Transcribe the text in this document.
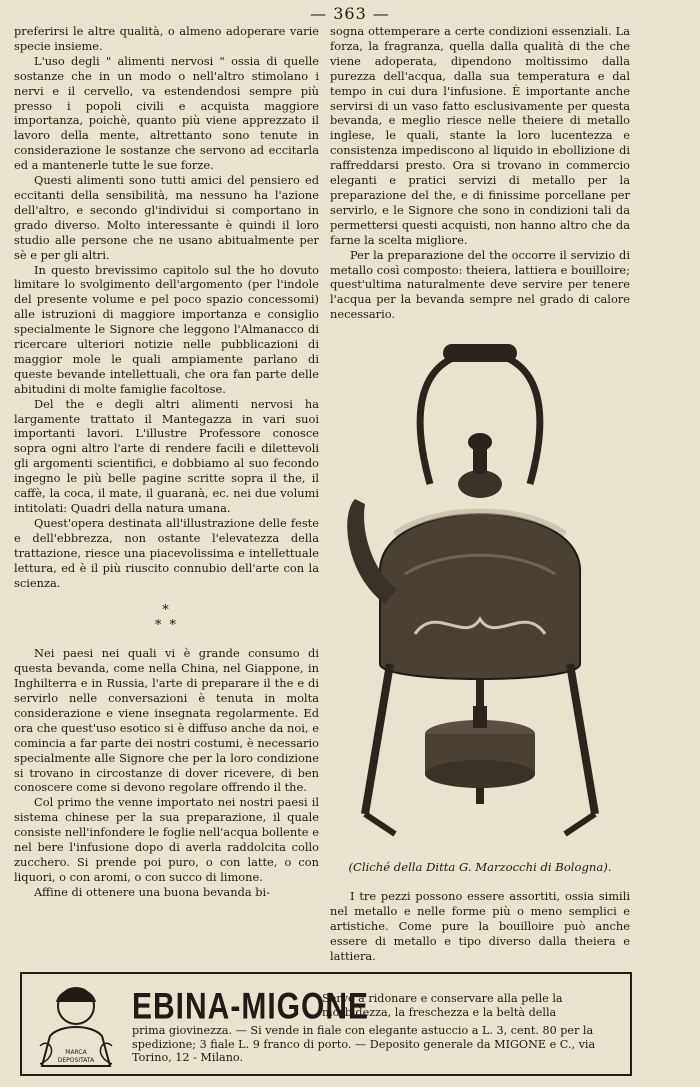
— 363 —

preferirsi le altre qualità, o almeno adoperare varie specie insieme.

L'uso degli " alimenti nervosi " ossia di quelle sostanze che in un modo o nell'altro stimolano i nervi e il cervello, va estendendosi sempre più presso i popoli civili e acquista maggiore importanza, poichè, quanto più viene apprezzato il lavoro della mente, altrettanto sono tenute in considerazione le sostanze che servono ad eccitarla ed a mantenerle tutte le sue forze.

Questi alimenti sono tutti amici del pensiero ed eccitanti della sensibilità, ma nessuno ha l'azione dell'altro, e secondo gl'individui si comportano in grado diverso. Molto interessante è quindi il loro studio alle persone che ne usano abitualmente per sè e per gli altri.

In questo brevissimo capitolo sul the ho dovuto limitare lo svolgimento dell'argomento (per l'indole del presente volume e pel poco spazio concessomi) alle istruzioni di maggiore importanza e consiglio specialmente le Signore che leggono l'Almanacco di ricercare ulteriori notizie nelle pubblicazioni di maggior mole le quali ampiamente parlano di queste bevande intellettuali, che ora fan parte delle abitudini di molte famiglie facoltose.

Del the e degli altri alimenti nervosi ha largamente trattato il Mantegazza in vari suoi importanti lavori. L'illustre Professore conosce sopra ogni altro l'arte di rendere facili e dilettevoli gli argomenti scientifici, e dobbiamo al suo fecondo ingegno le più belle pagine scritte sopra il the, il caffè, la coca, il mate, il guaranà, ec. nei due volumi intitolati: Quadri della natura umana.

Quest'opera destinata all'illustrazione delle feste e dell'ebbrezza, non ostante l'elevatezza della trattazione, riesce una piacevolissima e intellettuale lettura, ed è il più riuscito connubio dell'arte con la scienza.

*
* *

Nei paesi nei quali vi è grande consumo di questa bevanda, come nella China, nel Giappone, in Inghilterra e in Russia, l'arte di preparare il the e di servirlo nelle conversazioni è tenuta in molta considerazione e viene insegnata regolarmente. Ed ora che quest'uso esotico si è diffuso anche da noi, e comincia a far parte dei nostri costumi, è necessario specialmente alle Signore che per la loro condizione si trovano in circostanze di dover ricevere, di ben conoscere come si devono regolare offrendo il the.

Col primo the venne importato nei nostri paesi il sistema chinese per la sua preparazione, il quale consiste nell'infondere le foglie nell'acqua bollente e nel bere l'infusione dopo di averla raddolcita collo zucchero. Si prende poi puro, o con latte, o con liquori, o con aromi, o con succo di limone.

Affine di ottenere una buona bevanda bi-

sogna ottemperare a certe condizioni essenziali. La forza, la fragranza, quella dalla qualità di the che viene adoperata, dipendono moltissimo dalla purezza dell'acqua, dalla sua temperatura e dal tempo in cui dura l'infusione. È importante anche servirsi di un vaso fatto esclusivamente per questa bevanda, e meglio riesce nelle theiere di metallo inglese, le quali, stante la loro lucentezza e consistenza impediscono al liquido in ebollizione di raffreddarsi presto. Ora si trovano in commercio eleganti e pratici servizi di metallo per la preparazione del the, e di finissime porcellane per servirlo, e le Signore che sono in condizioni tali da permettersi questi acquisti, non hanno altro che da farne la scelta migliore.

Per la preparazione del the occorre il servizio di metallo così composto: theiera, lattiera e bouilloire; quest'ultima naturalmente deve servire per tenere l'acqua per la bevanda sempre nel grado di calore necessario.

(Cliché della Ditta G. Marzocchi di Bologna).

I tre pezzi possono essere assortiti, ossia simili nel metallo e nelle forme più o meno semplici e artistiche. Come pure la bouilloire può anche essere di metallo e tipo diverso dalla theiera e lattiera.

MARCA
DEPOSITATA
EBINA-MIGONE
Serve a ridonare e conservare alla pelle la morbidezza, la freschezza e la beltà della
prima giovinezza. — Si vende in fiale con elegante astuccio a L. 3, cent. 80 per la spedizione; 3 fiale L. 9 franco di porto. — Deposito generale da MIGONE e C., via Torino, 12 - Milano.
